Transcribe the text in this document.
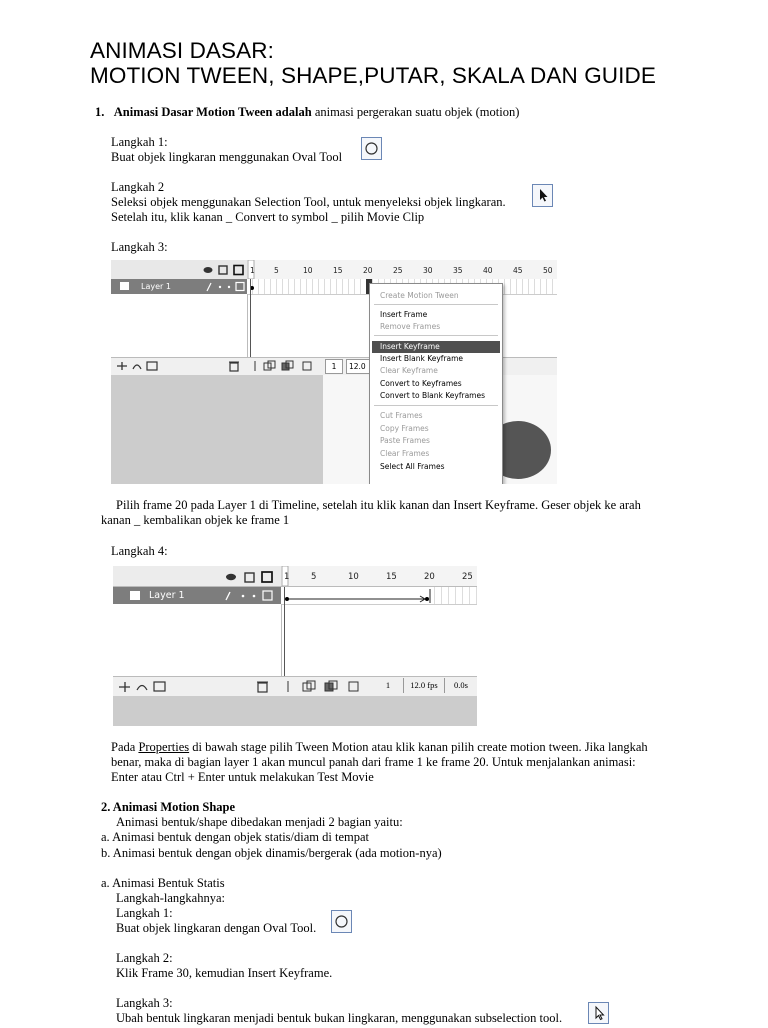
ANIMASI DASAR:
MOTION TWEEN, SHAPE,PUTAR, SKALA DAN GUIDE
1. Animasi Dasar Motion Tween adalah animasi pergerakan suatu objek (motion)
Langkah 1:
Buat objek lingkaran menggunakan Oval Tool
Langkah 2
Seleksi objek menggunakan Selection Tool, untuk menyeleksi objek lingkaran.
Setelah itu, klik kanan _ Convert to symbol _ pilih Movie Clip
Langkah 3:
1	5	10	15	20	25	30	35	40	45	50
Layer 1
1	12.0
Create Motion Tween
Insert Frame
Remove Frames
Insert Keyframe
Insert Blank Keyframe
Clear Keyframe
Convert to Keyframes
Convert to Blank Keyframes
Cut Frames
Copy Frames
Paste Frames
Clear Frames
Select All Frames
Pilih frame 20 pada Layer 1 di Timeline, setelah itu klik kanan dan Insert Keyframe. Geser objek ke arah
kanan _ kembalikan objek ke frame 1
Langkah 4:
1	5	10	15	20	25
Layer 1
1	12.0 fps	0.0s
Pada Properties di bawah stage pilih Tween Motion atau klik kanan pilih create motion tween. Jika langkah
benar, maka di bagian layer 1 akan muncul panah dari frame 1 ke frame 20. Untuk menjalankan animasi:
Enter atau Ctrl + Enter untuk melakukan Test Movie
2. Animasi Motion Shape
Animasi bentuk/shape dibedakan menjadi 2 bagian yaitu:
a. Animasi bentuk dengan objek statis/diam di tempat
b. Animasi bentuk dengan objek dinamis/bergerak (ada motion-nya)
a. Animasi Bentuk Statis
Langkah-langkahnya:
Langkah 1:
Buat objek lingkaran dengan Oval Tool.
Langkah 2:
Klik Frame 30, kemudian Insert Keyframe.
Langkah 3:
Ubah bentuk lingkaran menjadi bentuk bukan lingkaran, menggunakan subselection tool.
